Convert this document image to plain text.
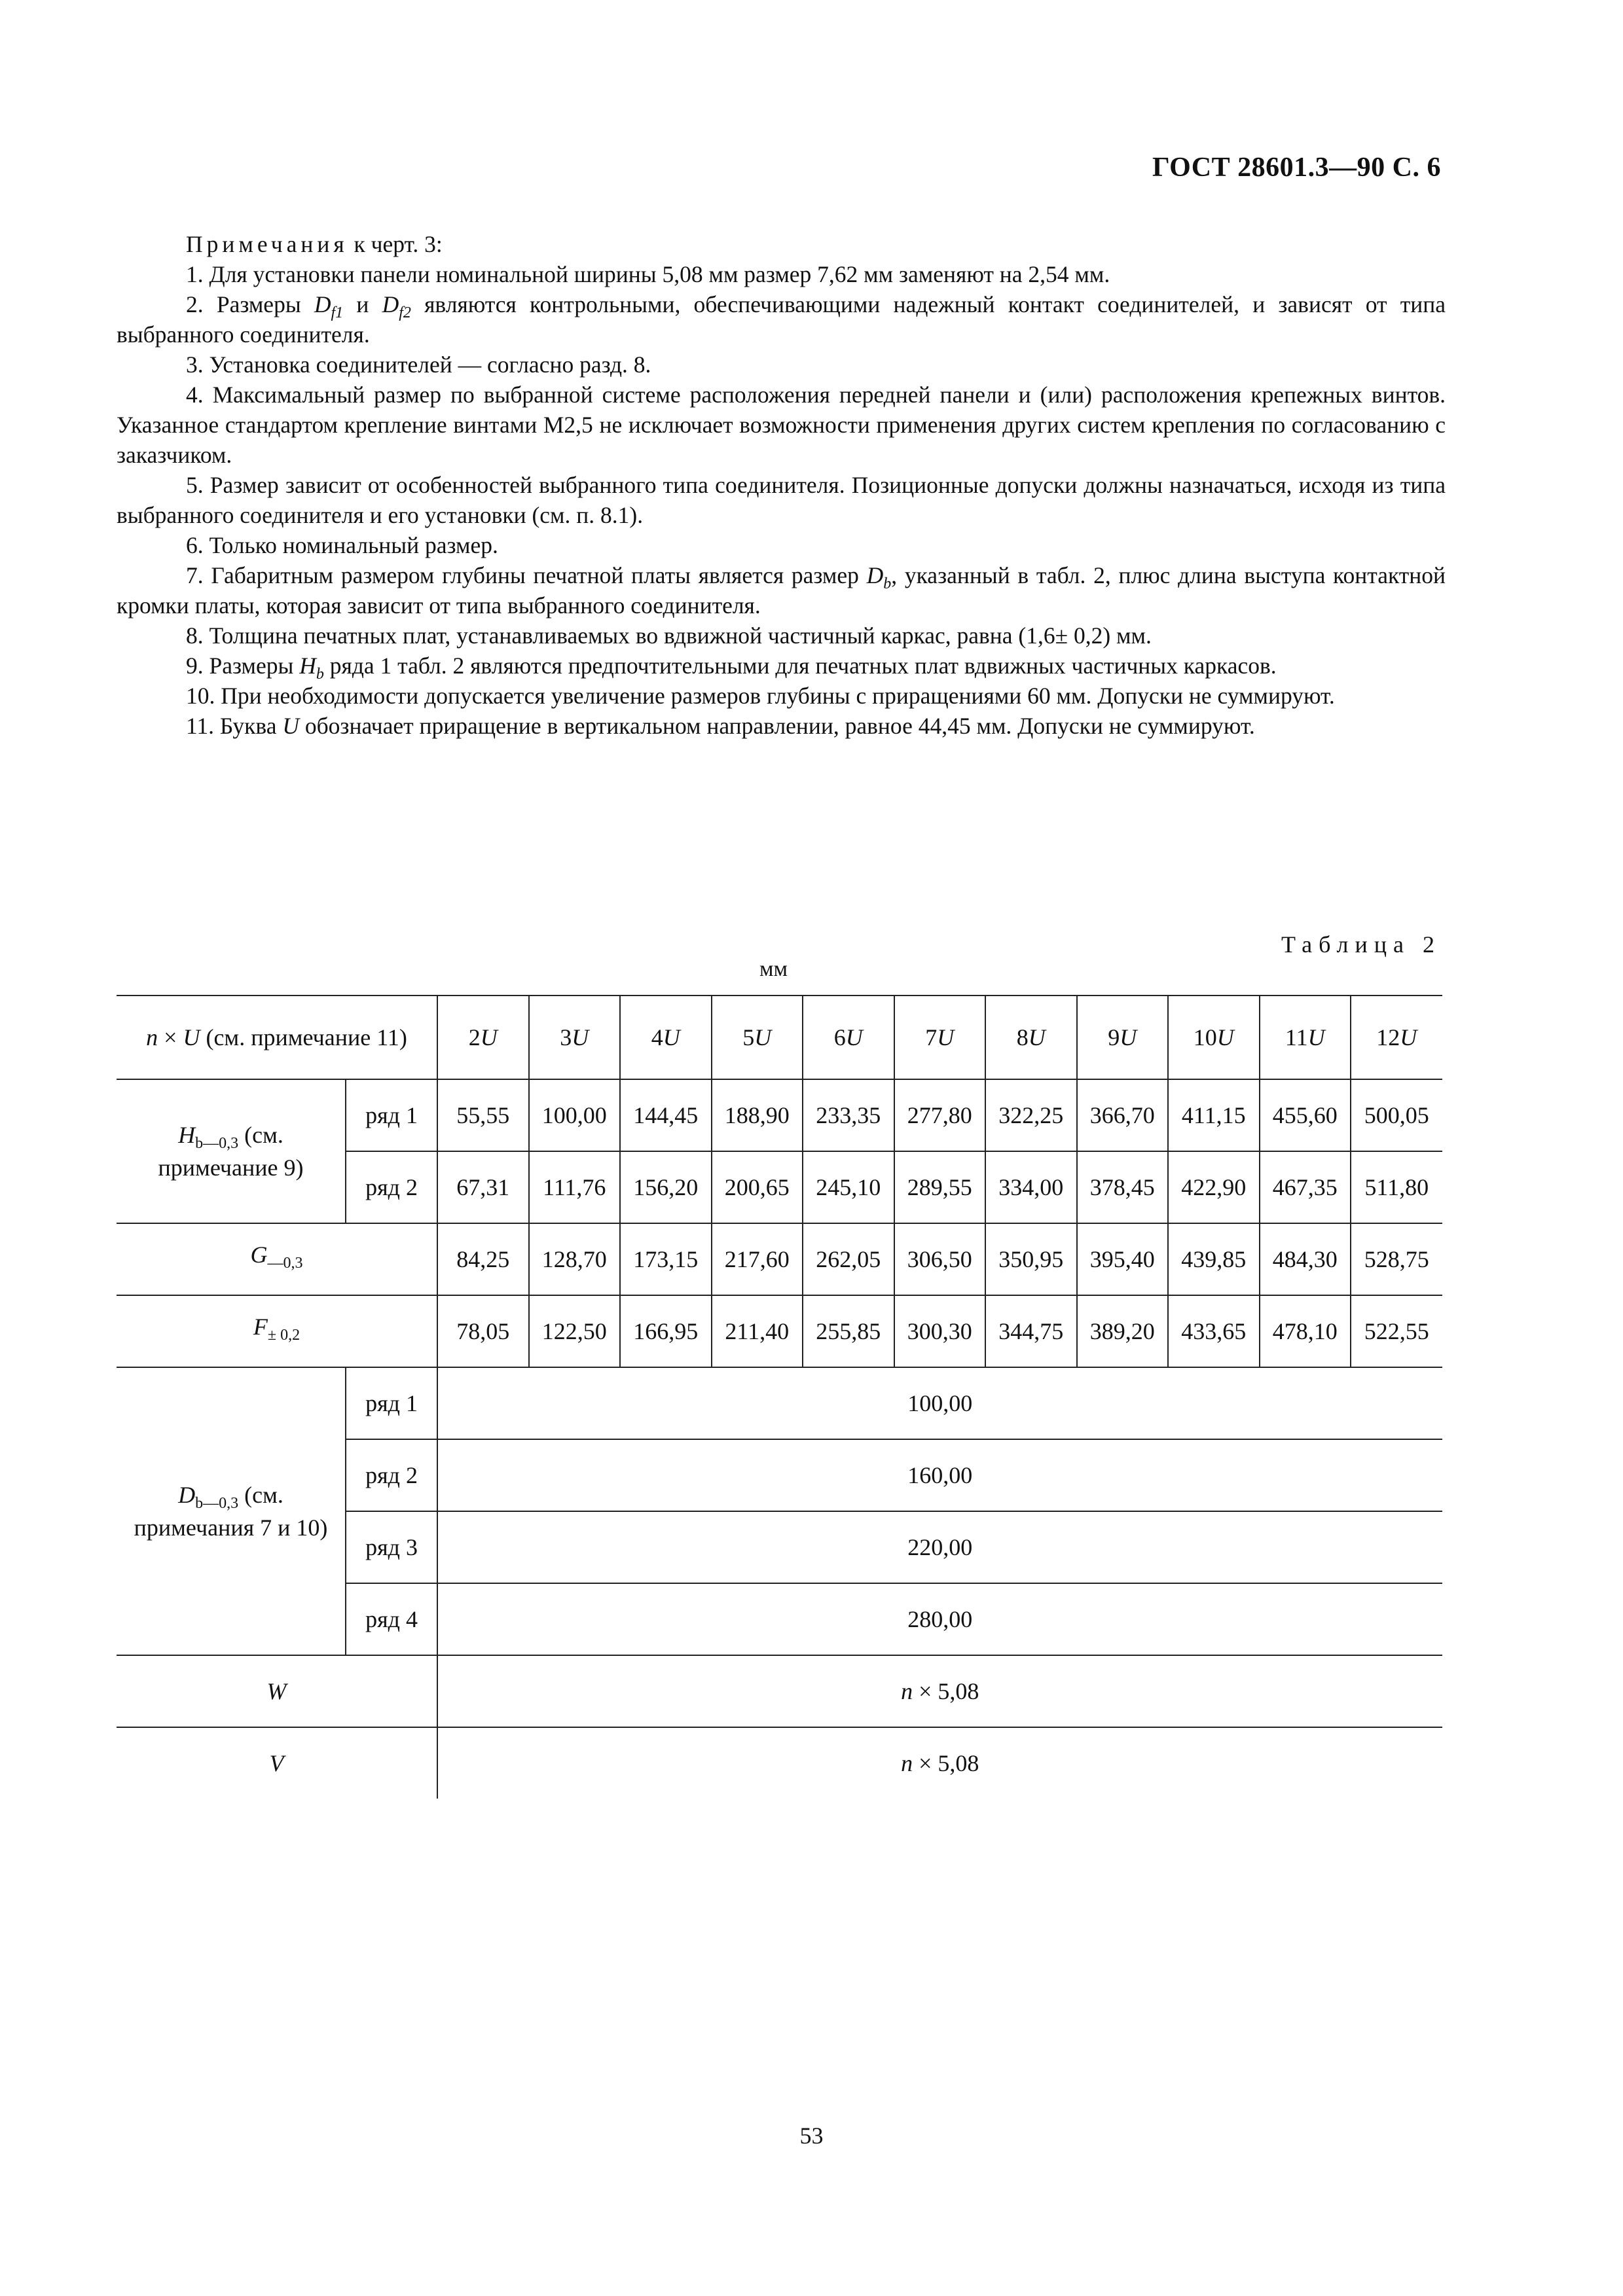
ГОСТ 28601.3—90 С. 6

Примечания к черт. 3:

1. Для установки панели номинальной ширины 5,08 мм размер 7,62 мм заменяют на 2,54 мм.

2. Размеры $D_{f1}$ и $D_{f2}$ являются контрольными, обеспечивающими надежный контакт соединителей, и зависят от типа выбранного соединителя.

3. Установка соединителей — согласно разд. 8.

4. Максимальный размер по выбранной системе расположения передней панели и (или) расположения крепежных винтов. Указанное стандартом крепление винтами М2,5 не исключает возможности применения других систем крепления по согласованию с заказчиком.

5. Размер зависит от особенностей выбранного типа соединителя. Позиционные допуски должны назначаться, исходя из типа выбранного соединителя и его установки (см. п. 8.1).

6. Только номинальный размер.

7. Габаритным размером глубины печатной платы является размер $D_b$, указанный в табл. 2, плюс длина выступа контактной кромки платы, которая зависит от типа выбранного соединителя.

8. Толщина печатных плат, устанавливаемых во вдвижной частичный каркас, равна (1,6± 0,2) мм.

9. Размеры $H_b$ ряда 1 табл. 2 являются предпочтительными для печатных плат вдвижных частичных каркасов.

10. При необходимости допускается увеличение размеров глубины с приращениями 60 мм. Допуски не суммируют.

11. Буква U обозначает приращение в вертикальном направлении, равное 44,45 мм. Допуски не суммируют.

Таблица 2
мм
n × U (см. примечание 11)		2U	3U	4U	5U	6U	7U	8U	9U	10U	11U	12U
$H_{b—0,3}$ (см. примечание 9)	ряд 1	55,55	100,00	144,45	188,90	233,35	277,80	322,25	366,70	411,15	455,60	500,05
	ряд 2	67,31	111,76	156,20	200,65	245,10	289,55	334,00	378,45	422,90	467,35	511,80
$G_{—0,3}$		84,25	128,70	173,15	217,60	262,05	306,50	350,95	395,40	439,85	484,30	528,75
$F_{\pm 0,2}$		78,05	122,50	166,95	211,40	255,85	300,30	344,75	389,20	433,65	478,10	522,55
$D_{b—0,3}$ (см. примечания 7 и 10)	ряд 1	100,00										
	ряд 2	160,00										
	ряд 3	220,00										
	ряд 4	280,00										
W		n × 5,08										
V		n × 5,08										
53
